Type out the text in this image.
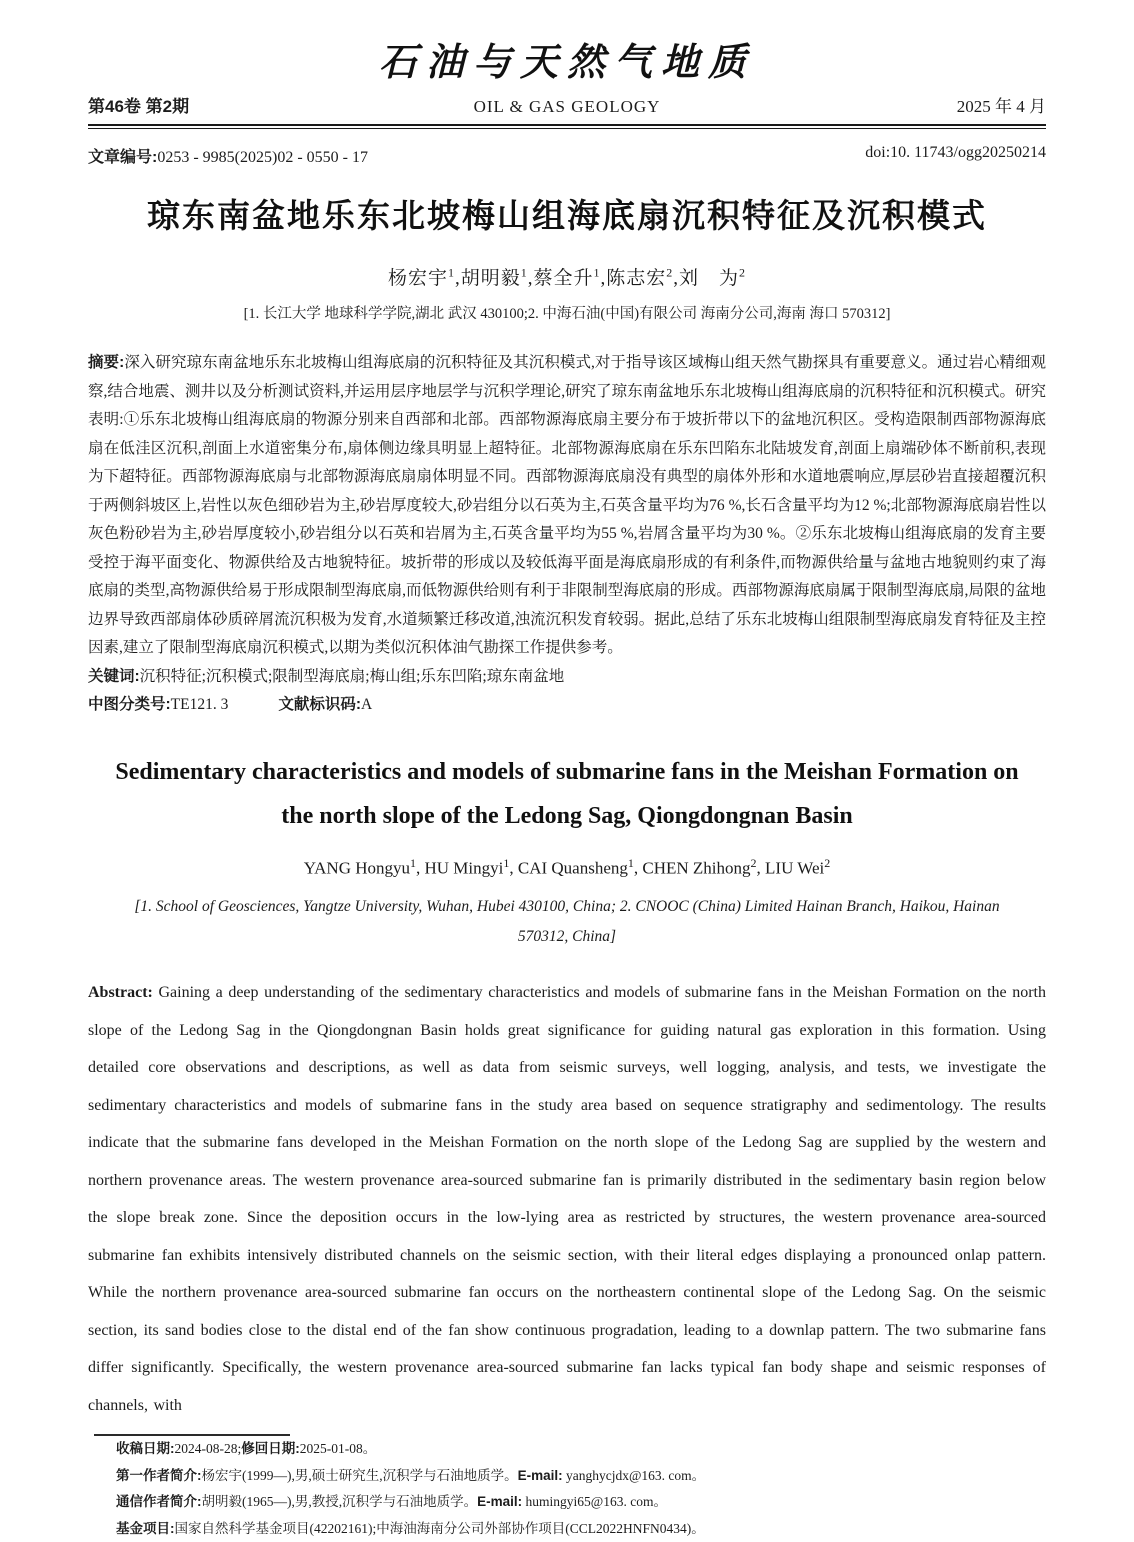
石油与天然气地质
第46卷 第2期	OIL & GAS GEOLOGY	2025 年 4 月
文章编号:0253 - 9985(2025)02 - 0550 - 17	doi:10. 11743/ogg20250214
琼东南盆地乐东北坡梅山组海底扇沉积特征及沉积模式
杨宏宇$^1$,胡明毅$^1$,蔡全升$^1$,陈志宏$^2$,刘　为$^2$
[1. 长江大学 地球科学学院,湖北 武汉 430100;2. 中海石油(中国)有限公司 海南分公司,海南 海口 570312]

摘要:深入研究琼东南盆地乐东北坡梅山组海底扇的沉积特征及其沉积模式,对于指导该区域梅山组天然气勘探具有重要意义。通过岩心精细观察,结合地震、测井以及分析测试资料,并运用层序地层学与沉积学理论,研究了琼东南盆地乐东北坡梅山组海底扇的沉积特征和沉积模式。研究表明:①乐东北坡梅山组海底扇的物源分别来自西部和北部。西部物源海底扇主要分布于坡折带以下的盆地沉积区。受构造限制西部物源海底扇在低洼区沉积,剖面上水道密集分布,扇体侧边缘具明显上超特征。北部物源海底扇在乐东凹陷东北陆坡发育,剖面上扇端砂体不断前积,表现为下超特征。西部物源海底扇与北部物源海底扇扇体明显不同。西部物源海底扇没有典型的扇体外形和水道地震响应,厚层砂岩直接超覆沉积于两侧斜坡区上,岩性以灰色细砂岩为主,砂岩厚度较大,砂岩组分以石英为主,石英含量平均为76 %,长石含量平均为12 %;北部物源海底扇岩性以灰色粉砂岩为主,砂岩厚度较小,砂岩组分以石英和岩屑为主,石英含量平均为55 %,岩屑含量平均为30 %。②乐东北坡梅山组海底扇的发育主要受控于海平面变化、物源供给及古地貌特征。坡折带的形成以及较低海平面是海底扇形成的有利条件,而物源供给量与盆地古地貌则约束了海底扇的类型,高物源供给易于形成限制型海底扇,而低物源供给则有利于非限制型海底扇的形成。西部物源海底扇属于限制型海底扇,局限的盆地边界导致西部扇体砂质碎屑流沉积极为发育,水道频繁迁移改道,浊流沉积发育较弱。据此,总结了乐东北坡梅山组限制型海底扇发育特征及主控因素,建立了限制型海底扇沉积模式,以期为类似沉积体油气勘探工作提供参考。

关键词:沉积特征;沉积模式;限制型海底扇;梅山组;乐东凹陷;琼东南盆地

中图分类号:TE121. 3	文献标识码:A

Sedimentary characteristics and models of submarine fans in the Meishan Formation on the north slope of the Ledong Sag, Qiongdongnan Basin
YANG Hongyu$^1$, HU Mingyi$^1$, CAI Quansheng$^1$, CHEN Zhihong$^2$, LIU Wei$^2$
[1. School of Geosciences, Yangtze University, Wuhan, Hubei 430100, China; 2. CNOOC (China) Limited Hainan Branch, Haikou, Hainan 570312, China]

Abstract: Gaining a deep understanding of the sedimentary characteristics and models of submarine fans in the Meishan Formation on the north slope of the Ledong Sag in the Qiongdongnan Basin holds great significance for guiding natural gas exploration in this formation. Using detailed core observations and descriptions, as well as data from seismic surveys, well logging, analysis, and tests, we investigate the sedimentary characteristics and models of submarine fans in the study area based on sequence stratigraphy and sedimentology. The results indicate that the submarine fans developed in the Meishan Formation on the north slope of the Ledong Sag are supplied by the western and northern provenance areas. The western provenance area-sourced submarine fan is primarily distributed in the sedimentary basin region below the slope break zone. Since the deposition occurs in the low-lying area as restricted by structures, the western provenance area-sourced submarine fan exhibits intensively distributed channels on the seismic section, with their literal edges displaying a pronounced onlap pattern. While the northern provenance area-sourced submarine fan occurs on the northeastern continental slope of the Ledong Sag. On the seismic section, its sand bodies close to the distal end of the fan show continuous progradation, leading to a downlap pattern. The two submarine fans differ significantly. Specifically, the western provenance area-sourced submarine fan lacks typical fan body shape and seismic responses of channels, with

收稿日期:2024-08-28;修回日期:2025-01-08。
第一作者简介:杨宏宇(1999—),男,硕士研究生,沉积学与石油地质学。E-mail: yanghycjdx@163. com。
通信作者简介:胡明毅(1965—),男,教授,沉积学与石油地质学。E-mail: humingyi65@163. com。
基金项目:国家自然科学基金项目(42202161);中海油海南分公司外部协作项目(CCL2022HNFN0434)。
